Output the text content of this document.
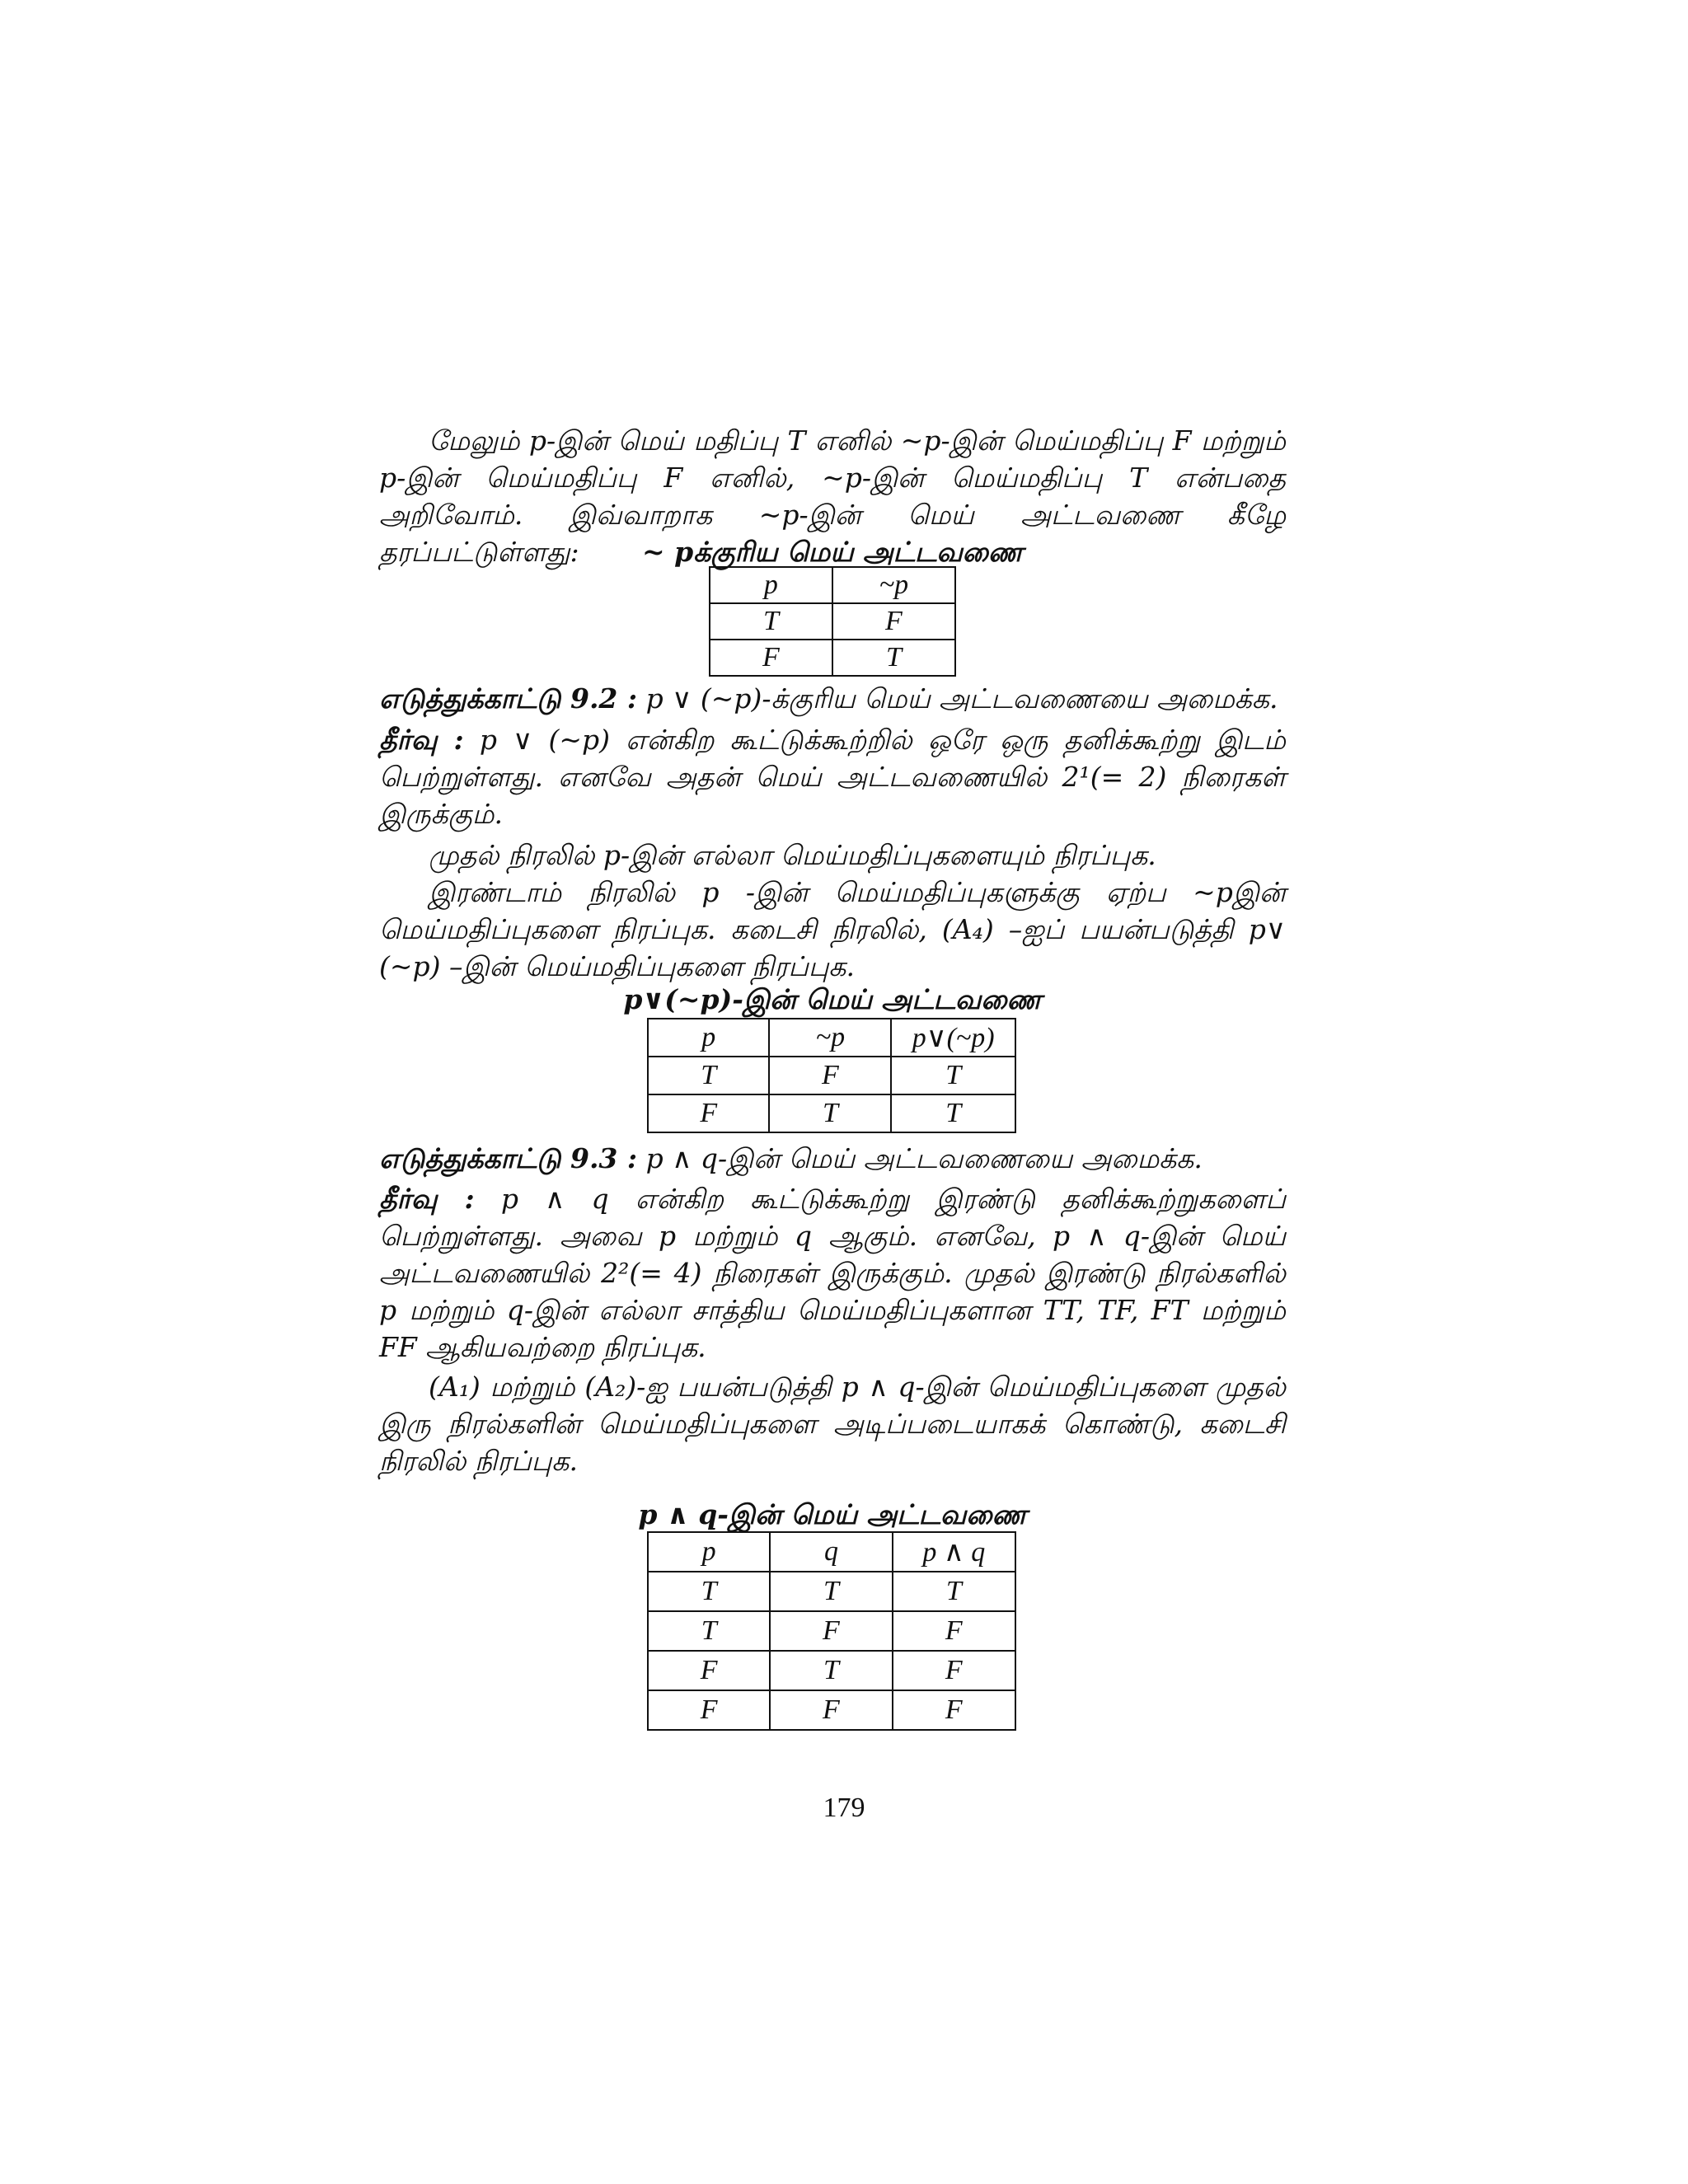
மேலும் p-இன் மெய் மதிப்பு T எனில் ~p-இன் மெய்மதிப்பு F மற்றும் p-இன் மெய்மதிப்பு F எனில், ~p-இன் மெய்மதிப்பு T என்பதை அறிவோம். இவ்வாறாக ~p-இன் மெய் அட்டவணை கீழே தரப்பட்டுள்ளது:	~ pக்குரிய மெய் அட்டவணை

p	~p
T	F
F	T

எடுத்துக்காட்டு 9.2 : p ∨ (~p)-க்குரிய மெய் அட்டவணையை அமைக்க.

தீர்வு : p ∨ (~p) என்கிற கூட்டுக்கூற்றில் ஒரே ஒரு தனிக்கூற்று இடம் பெற்றுள்ளது. எனவே அதன் மெய் அட்டவணையில் 2¹(= 2) நிரைகள் இருக்கும்.

முதல் நிரலில் p-இன் எல்லா மெய்மதிப்புகளையும் நிரப்புக.

இரண்டாம் நிரலில் p -இன் மெய்மதிப்புகளுக்கு ஏற்ப ~pஇன் மெய்மதிப்புகளை நிரப்புக. கடைசி நிரலில், (A₄) –ஐப் பயன்படுத்தி p∨ (~p) –இன் மெய்மதிப்புகளை நிரப்புக.

p∨(~p)-இன் மெய் அட்டவணை

p	~p	p∨(~p)
T	F	T
F	T	T

எடுத்துக்காட்டு 9.3 : p ∧ q-இன் மெய் அட்டவணையை அமைக்க.

தீர்வு : p ∧ q என்கிற கூட்டுக்கூற்று இரண்டு தனிக்கூற்றுகளைப் பெற்றுள்ளது. அவை p மற்றும் q ஆகும். எனவே, p ∧ q-இன் மெய் அட்டவணையில் 2²(= 4) நிரைகள் இருக்கும். முதல் இரண்டு நிரல்களில் p மற்றும் q-இன் எல்லா சாத்திய மெய்மதிப்புகளான TT, TF, FT மற்றும் FF ஆகியவற்றை நிரப்புக.

(A₁) மற்றும் (A₂)-ஐ பயன்படுத்தி p ∧ q-இன் மெய்மதிப்புகளை முதல் இரு நிரல்களின் மெய்மதிப்புகளை அடிப்படையாகக் கொண்டு, கடைசி நிரலில் நிரப்புக.

p ∧ q-இன் மெய் அட்டவணை

p	q	p ∧ q
T	T	T
T	F	F
F	T	F
F	F	F
179
